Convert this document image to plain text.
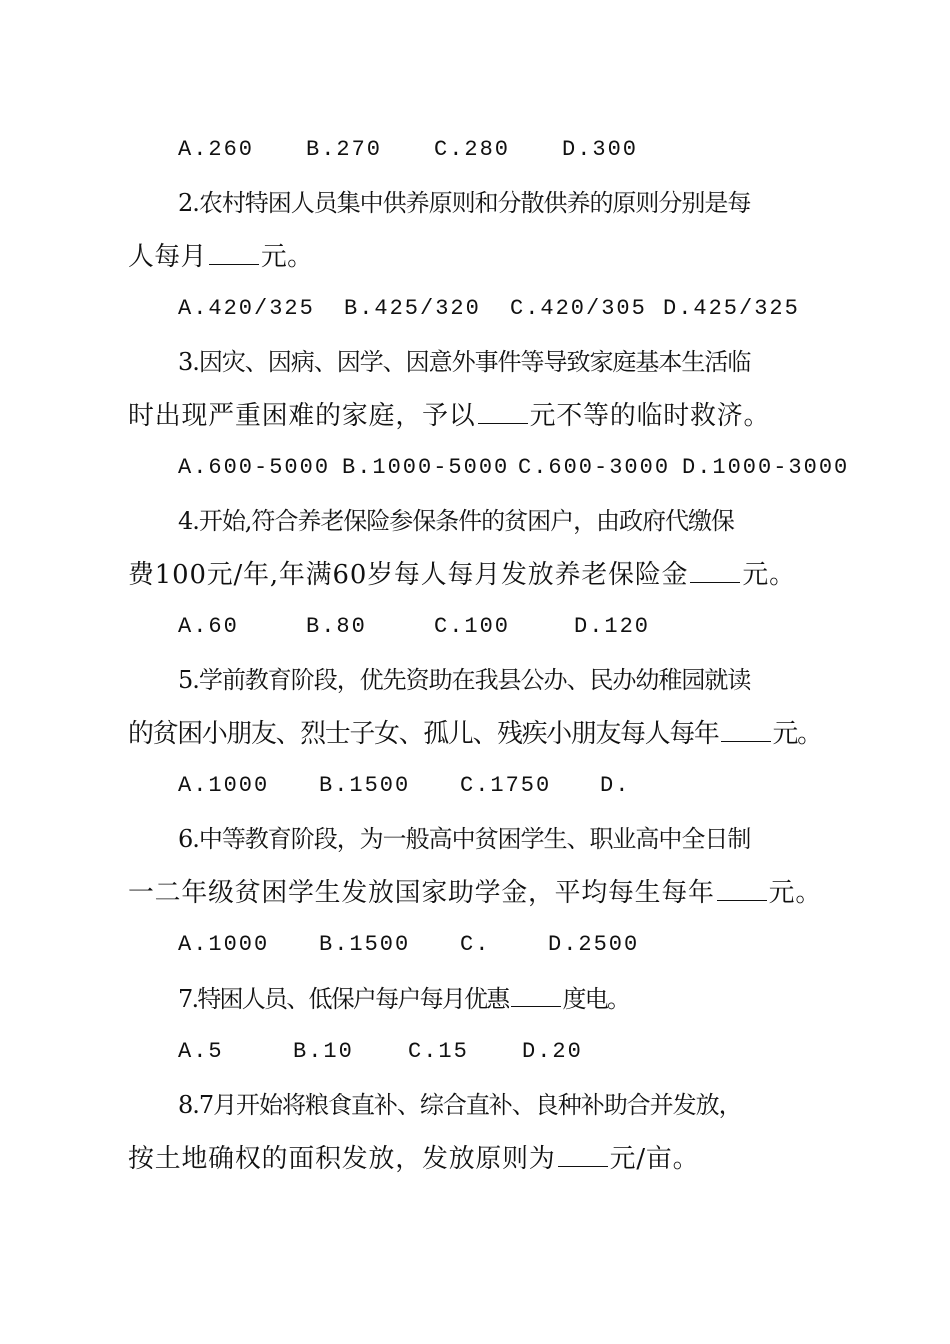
A.260 B.270 C.280 D.300
2.农村特困人员集中供养原则和分散供养的原则分别是每
人每月 元。
A.420/325 B.425/320 C.420/305 D.425/325
3.因灾、因病、因学、因意外事件等导致家庭基本生活临
时出现严重困难的家庭，予以 元不等的临时救济。
A.600-5000 B.1000-5000 C.600-3000 D.1000-3000
4.开始,符合养老保险参保条件的贫困户，由政府代缴保
费100元/年,年满60岁每人每月发放养老保险金 元。
A.60	B.80	C.100	D.120
5.学前教育阶段，优先资助在我县公办、民办幼稚园就读
的贫困小朋友、烈士子女、孤儿、残疾小朋友每人每年 元。
A.1000 B.1500 C.1750 D.
6.中等教育阶段，为一般高中贫困学生、职业高中全日制
一二年级贫困学生发放国家助学金，平均每生每年 元。
A.1000 B.1500 C.	D.2500
7.特困人员、低保户每户每月优惠 度电。
A.5	B.10 C.15 D.20
8.7月开始将粮食直补、综合直补、良种补助合并发放，
按土地确权的面积发放，发放原则为 元/亩。
